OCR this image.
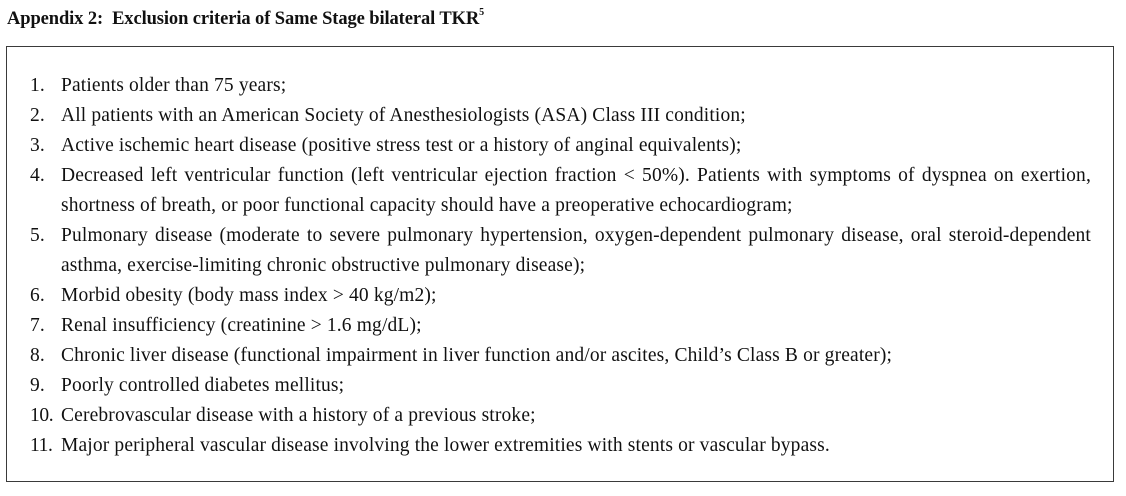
Appendix 2: Exclusion criteria of Same Stage bilateral TKR$^5$
1. Patients older than 75 years;
2. All patients with an American Society of Anesthesiologists (ASA) Class III condition;
3. Active ischemic heart disease (positive stress test or a history of anginal equivalents);
4. Decreased left ventricular function (left ventricular ejection fraction < 50%). Patients with symptoms of dyspnea on exertion, shortness of breath, or poor functional capacity should have a preoperative echocardiogram;
5. Pulmonary disease (moderate to severe pulmonary hypertension, oxygen-dependent pulmonary disease, oral steroid-dependent asthma, exercise-limiting chronic obstructive pulmonary disease);
6. Morbid obesity (body mass index > 40 kg/m2);
7. Renal insufficiency (creatinine > 1.6 mg/dL);
8. Chronic liver disease (functional impairment in liver function and/or ascites, Child’s Class B or greater);
9. Poorly controlled diabetes mellitus;
10. Cerebrovascular disease with a history of a previous stroke;
11. Major peripheral vascular disease involving the lower extremities with stents or vascular bypass.
